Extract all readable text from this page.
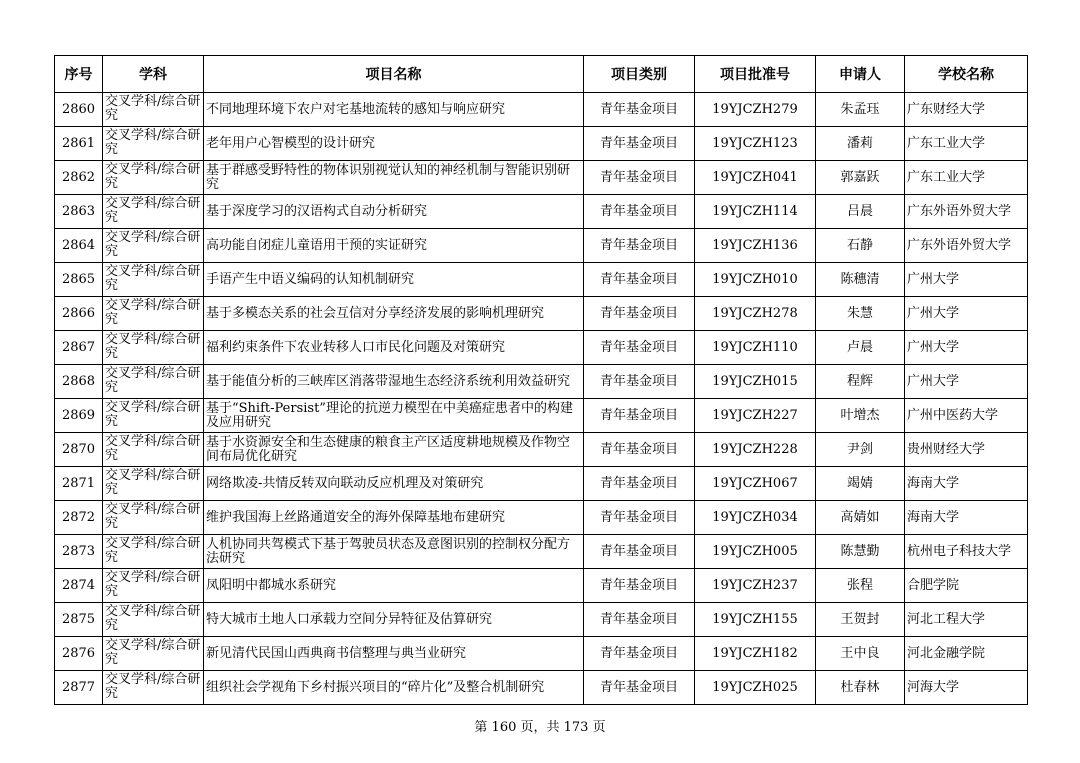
序号	学科	项目名称	项目类别	项目批准号	申请人	学校名称
2860	交叉学科/综合研究	不同地理环境下农户对宅基地流转的感知与响应研究	青年基金项目	19YJCZH279	朱孟珏	广东财经大学

2861	交叉学科/综合研究	老年用户心智模型的设计研究	青年基金项目	19YJCZH123	潘莉	广东工业大学

2862	交叉学科/综合研究	基于群感受野特性的物体识别视觉认知的神经机制与智能识别研究	青年基金项目	19YJCZH041	郭嘉跃	广东工业大学

2863	交叉学科/综合研究	基于深度学习的汉语构式自动分析研究	青年基金项目	19YJCZH114	吕晨	广东外语外贸大学

2864	交叉学科/综合研究	高功能自闭症儿童语用干预的实证研究	青年基金项目	19YJCZH136	石静	广东外语外贸大学

2865	交叉学科/综合研究	手语产生中语义编码的认知机制研究	青年基金项目	19YJCZH010	陈穗清	广州大学

2866	交叉学科/综合研究	基于多模态关系的社会互信对分享经济发展的影响机理研究	青年基金项目	19YJCZH278	朱慧	广州大学

2867	交叉学科/综合研究	福利约束条件下农业转移人口市民化问题及对策研究	青年基金项目	19YJCZH110	卢晨	广州大学

2868	交叉学科/综合研究	基于能值分析的三峡库区消落带湿地生态经济系统利用效益研究	青年基金项目	19YJCZH015	程辉	广州大学

2869	交叉学科/综合研究	基于“Shift-Persist”理论的抗逆力模型在中美癌症患者中的构建及应用研究	青年基金项目	19YJCZH227	叶增杰	广州中医药大学

2870	交叉学科/综合研究	基于水资源安全和生态健康的粮食主产区适度耕地规模及作物空间布局优化研究	青年基金项目	19YJCZH228	尹剑	贵州财经大学

2871	交叉学科/综合研究	网络欺凌-共情反转双向联动反应机理及对策研究	青年基金项目	19YJCZH067	竭婧	海南大学

2872	交叉学科/综合研究	维护我国海上丝路通道安全的海外保障基地布建研究	青年基金项目	19YJCZH034	高婧如	海南大学

2873	交叉学科/综合研究	人机协同共驾模式下基于驾驶员状态及意图识别的控制权分配方法研究	青年基金项目	19YJCZH005	陈慧勤	杭州电子科技大学

2874	交叉学科/综合研究	凤阳明中都城水系研究	青年基金项目	19YJCZH237	张程	合肥学院

2875	交叉学科/综合研究	特大城市土地人口承载力空间分异特征及估算研究	青年基金项目	19YJCZH155	王贺封	河北工程大学

2876	交叉学科/综合研究	新见清代民国山西典商书信整理与典当业研究	青年基金项目	19YJCZH182	王中良	河北金融学院

2877	交叉学科/综合研究	组织社会学视角下乡村振兴项目的“碎片化”及整合机制研究	青年基金项目	19YJCZH025	杜春林	河海大学
第 160 页，共 173 页
